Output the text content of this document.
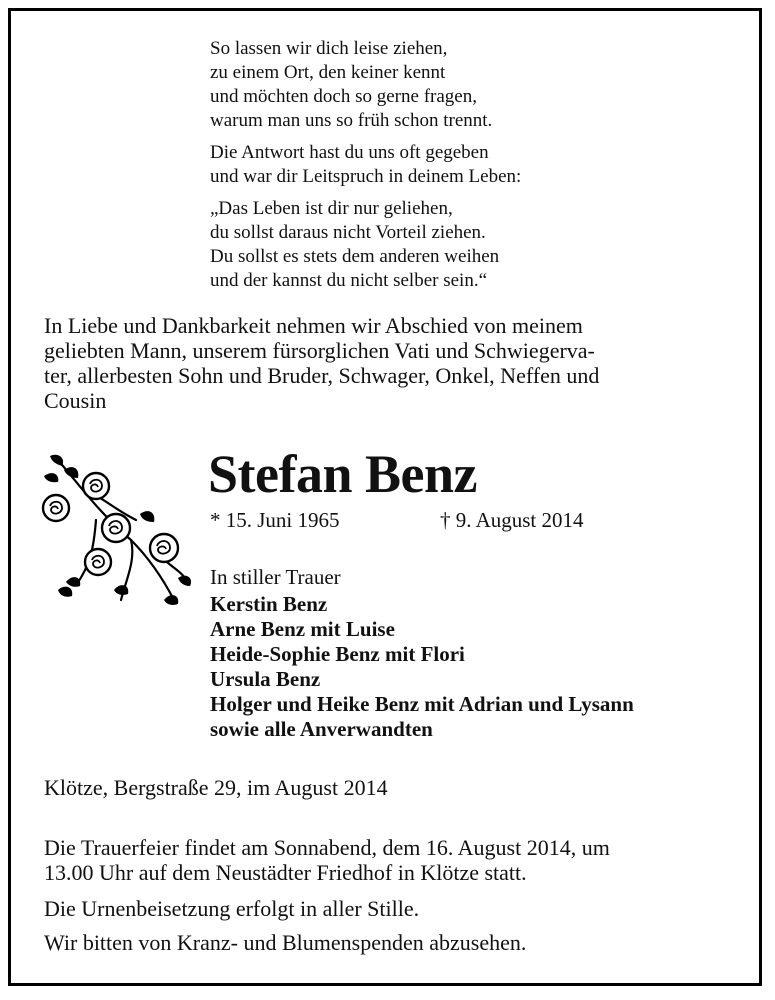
So lassen wir dich leise ziehen,
zu einem Ort, den keiner kennt
und möchten doch so gerne fragen,
warum man uns so früh schon trennt.
Die Antwort hast du uns oft gegeben
und war dir Leitspruch in deinem Leben:
„Das Leben ist dir nur geliehen,
du sollst daraus nicht Vorteil ziehen.
Du sollst es stets dem anderen weihen
und der kannst du nicht selber sein.“
In Liebe und Dankbarkeit nehmen wir Abschied von meinem
geliebten Mann, unserem fürsorglichen Vati und Schwiegerva-
ter, allerbesten Sohn und Bruder, Schwager, Onkel, Neffen und
Cousin
Stefan Benz
* 15. Juni 1965	† 9. August 2014
In stiller Trauer
Kerstin Benz
Arne Benz mit Luise
Heide-Sophie Benz mit Flori
Ursula Benz
Holger und Heike Benz mit Adrian und Lysann
sowie alle Anverwandten
Klötze, Bergstraße 29, im August 2014
Die Trauerfeier findet am Sonnabend, dem 16. August 2014, um
13.00 Uhr auf dem Neustädter Friedhof in Klötze statt.
Die Urnenbeisetzung erfolgt in aller Stille.
Wir bitten von Kranz- und Blumenspenden abzusehen.
